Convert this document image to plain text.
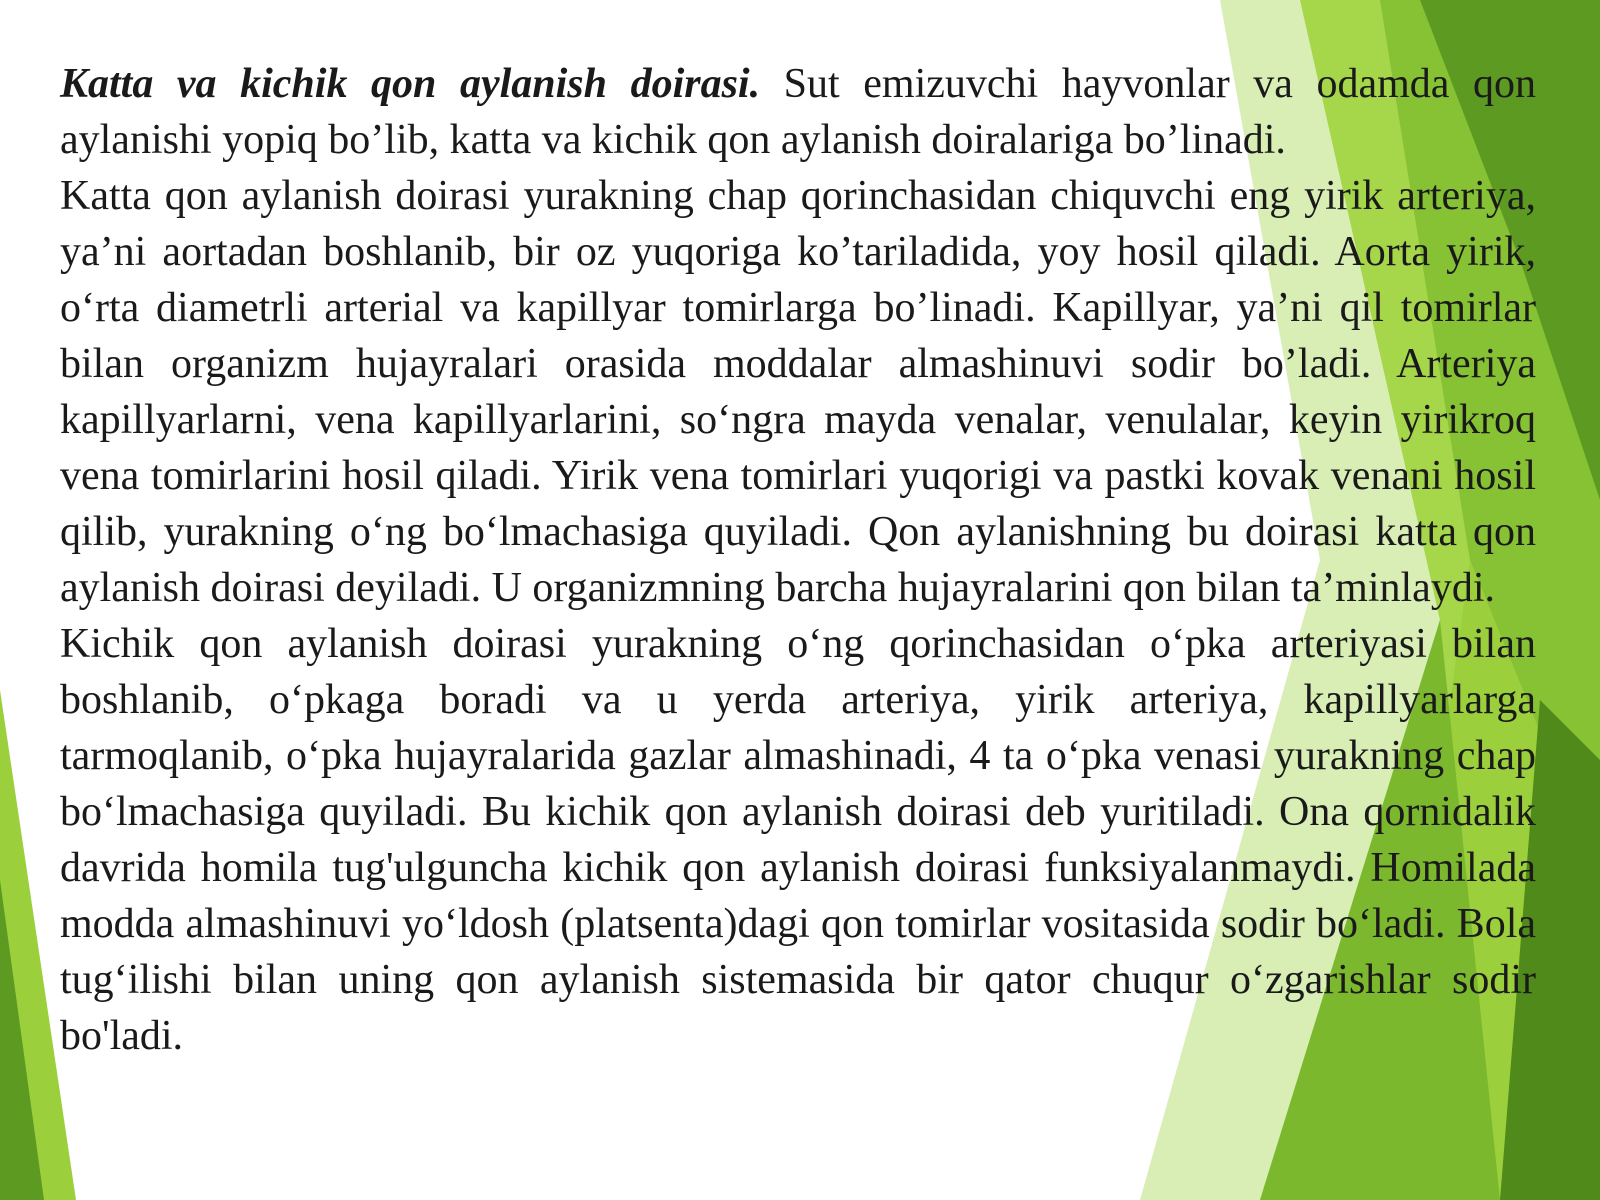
Katta va kichik qon aylanish doirasi. Sut emizuvchi hayvonlar va odamda qon aylanishi yopiq bo’lib, katta va kichik qon aylanish doiralariga bo’linadi.

Katta qon aylanish doirasi yurakning chap qorinchasidan chiquvchi eng yirik arteriya, ya’ni aortadan boshlanib, bir oz yuqoriga ko’tariladida, yoy hosil qiladi. Aorta yirik, o‘rta diametrli arterial va kapillyar tomirlarga bo’linadi. Kapillyar, ya’ni qil tomirlar bilan organizm hujayralari orasida moddalar almashinuvi sodir bo’ladi. Arteriya kapillyarlarni, vena kapillyarlarini, so‘ngra mayda venalar, venulalar, keyin yirikroq vena tomirlarini hosil qiladi. Yirik vena tomirlari yuqorigi va pastki kovak venani hosil qilib, yurakning o‘ng bo‘lmachasiga quyiladi. Qon aylanishning bu doirasi katta qon aylanish doirasi deyiladi. U organizmning barcha hujayralarini qon bilan ta’minlaydi.

Kichik qon aylanish doirasi yurakning o‘ng qorinchasidan o‘pka arteriyasi bilan boshlanib, o‘pkaga boradi va u yerda arteriya, yirik arteriya, kapillyarlarga tarmoqlanib, o‘pka hujayralarida gazlar almashinadi, 4 ta o‘pka venasi yurakning chap bo‘lmachasiga quyiladi. Bu kichik qon aylanish doirasi deb yuritiladi. Ona qornidalik davrida homila tug'ulguncha kichik qon aylanish doirasi funksiyalanmaydi. Homilada modda almashinuvi yo‘ldosh (platsenta)dagi qon tomirlar vositasida sodir bo‘ladi. Bola tug‘ilishi bilan uning qon aylanish sistemasida bir qator chuqur o‘zgarishlar sodir bo'ladi.
